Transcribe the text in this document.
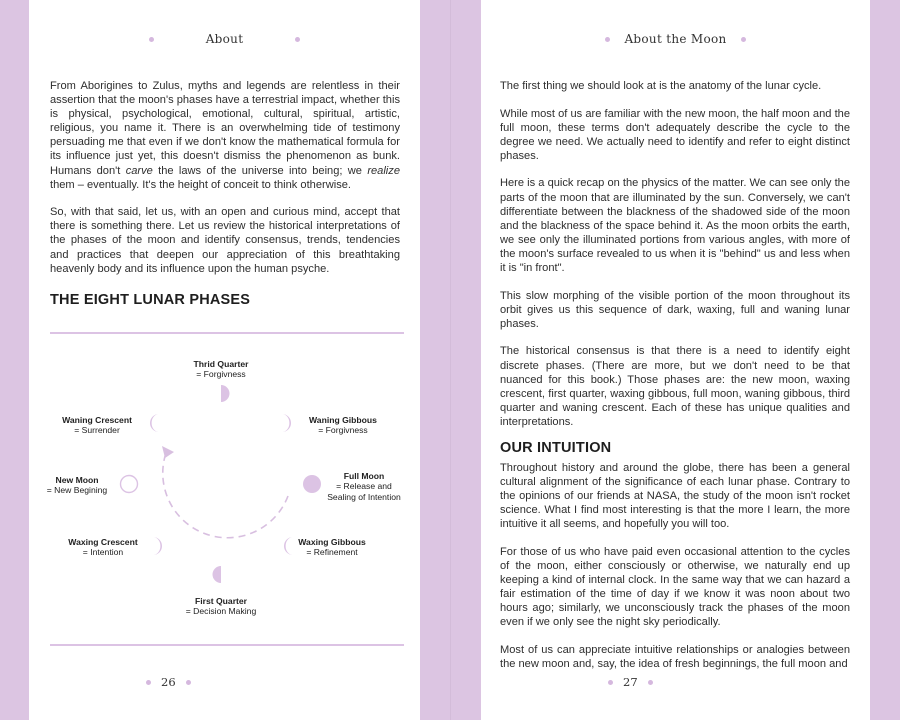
About

From Aborigines to Zulus, myths and legends are relentless in their assertion that the moon's phases have a terrestrial impact, whether this is physical, psychological, emotional, cultural, spiritual, artistic, religious, you name it. There is an overwhelming tide of testimony persuading me that even if we don't know the mathematical formula for its influence just yet, this doesn't dismiss the phenomenon as bunk. Humans don't carve the laws of the universe into being; we realize them – eventually. It's the height of conceit to think otherwise.

So, with that said, let us, with an open and curious mind, accept that there is something there. Let us review the historical interpretations of the phases of the moon and identify consensus, trends, tendencies and practices that deepen our appreciation of this breathtaking heavenly body and its influence upon the human psyche.

THE EIGHT LUNAR PHASES
Thrid Quarter
= Forgivness
Waning Crescent
= Surrender
Waning Gibbous
= Forgivness
New Moon
= New Begining
Full Moon
= Release and
Sealing of Intention
Waxing Crescent
= Intention
Waxing Gibbous
= Refinement
First Quarter
= Decision Making
26
About the Moon

The first thing we should look at is the anatomy of the lunar cycle.

While most of us are familiar with the new moon, the half moon and the full moon, these terms don't adequately describe the cycle to the degree we need. We actually need to identify and refer to eight distinct phases.

Here is a quick recap on the physics of the matter. We can see only the parts of the moon that are illuminated by the sun. Conversely, we can't differentiate between the blackness of the shadowed side of the moon and the blackness of the space behind it. As the moon orbits the earth, we see only the illuminated portions from various angles, with more of the moon's surface revealed to us when it is "behind" us and less when it is "in front".

This slow morphing of the visible portion of the moon throughout its orbit gives us this sequence of dark, waxing, full and waning lunar phases.

The historical consensus is that there is a need to identify eight discrete phases. (There are more, but we don't need to be that nuanced for this book.) Those phases are: the new moon, waxing crescent, first quarter, waxing gibbous, full moon, waning gibbous, third quarter and waning crescent. Each of these has unique qualities and interpretations.

OUR INTUITION

Throughout history and around the globe, there has been a general cultural alignment of the significance of each lunar phase. Contrary to the opinions of our friends at NASA, the study of the moon isn't rocket science. What I find most interesting is that the more I learn, the more intuitive it all seems, and hopefully you will too.

For those of us who have paid even occasional attention to the cycles of the moon, either consciously or otherwise, we naturally end up keeping a kind of internal clock. In the same way that we can hazard a fair estimation of the time of day if we know it was noon about two hours ago; similarly, we unconsciously track the phases of the moon even if we only see the night sky periodically.

Most of us can appreciate intuitive relationships or analogies between the new moon and, say, the idea of fresh beginnings, the full moon and

27
